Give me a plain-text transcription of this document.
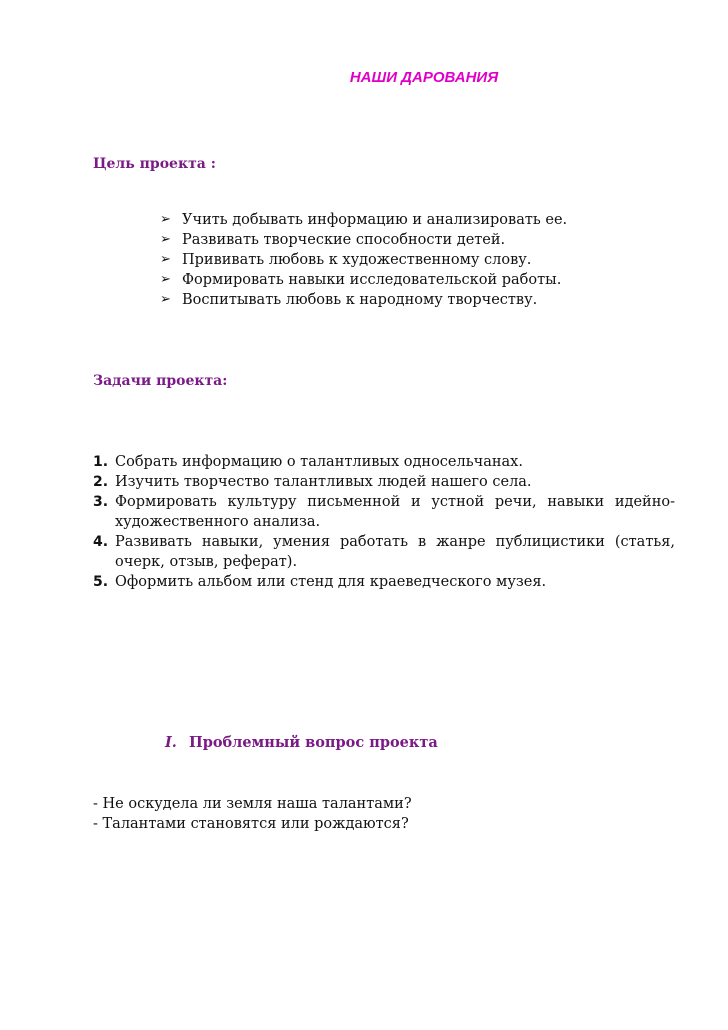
НАШИ ДАРОВАНИЯ
Цель проекта :
➢ Учить добывать информацию и анализировать ее.
➢ Развивать творческие способности детей.
➢ Прививать любовь к художественному слову.
➢ Формировать навыки исследовательской работы.
➢ Воспитывать любовь к народному творчеству.
Задачи проекта:
1. Собрать информацию о талантливых односельчанах.
2. Изучить творчество талантливых людей нашего села.
3. Формировать культуру письменной и устной речи, навыки идейно- художественного анализа.
4. Развивать навыки, умения работать в жанре публицистики (статья, очерк, отзыв, реферат).
5. Оформить альбом или стенд для краеведческого музея.
I. Проблемный вопрос проекта
- Не оскудела ли земля наша талантами?
- Талантами становятся или рождаются?
